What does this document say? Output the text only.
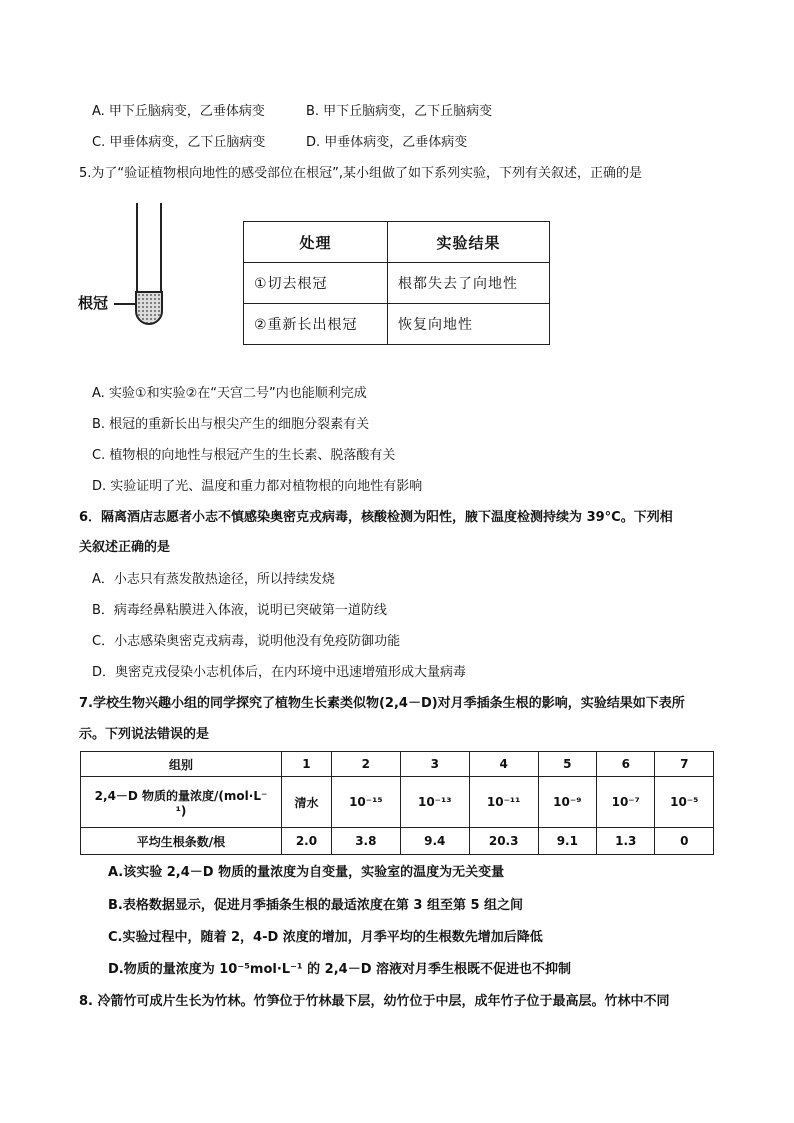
A. 甲下丘脑病变，乙垂体病变	B. 甲下丘脑病变，乙下丘脑病变
C. 甲垂体病变，乙下丘脑病变	D. 甲垂体病变，乙垂体病变
5.为了“验证植物根向地性的感受部位在根冠”,某小组做了如下系列实验，下列有关叙述，正确的是
根冠
处理	实验结果
①切去根冠	根都失去了向地性
②重新长出根冠	恢复向地性
A. 实验①和实验②在“天宫二号”内也能顺利完成
B. 根冠的重新长出与根尖产生的细胞分裂素有关
C. 植物根的向地性与根冠产生的生长素、脱落酸有关
D. 实验证明了光、温度和重力都对植物根的向地性有影响
6．隔离酒店志愿者小志不慎感染奥密克戎病毒，核酸检测为阳性，腋下温度检测持续为 39°C。下列相
关叙述正确的是
A．小志只有蒸发散热途径，所以持续发烧
B．病毒经鼻粘膜进入体液，说明已突破第一道防线
C．小志感染奥密克戎病毒，说明他没有免疫防御功能
D．奥密克戎侵染小志机体后，在内环境中迅速增殖形成大量病毒
7.学校生物兴趣小组的同学探究了植物生长素类似物(2,4－D)对月季插条生根的影响，实验结果如下表所
示。下列说法错误的是
组别	1	2	3	4	5	6	7

2,4－D 物质的量浓度/(mol·L⁻
¹)	清水	10⁻¹⁵	10⁻¹³	10⁻¹¹	10⁻⁹	10⁻⁷	10⁻⁵
平均生根条数/根	2.0	3.8	9.4	20.3	9.1	1.3	0
A.该实验 2,4－D 物质的量浓度为自变量，实验室的温度为无关变量
B.表格数据显示，促进月季插条生根的最适浓度在第 3 组至第 5 组之间
C.实验过程中，随着 2，4-D 浓度的增加，月季平均的生根数先增加后降低
D.物质的量浓度为 10⁻⁵mol·L⁻¹ 的 2,4－D 溶液对月季生根既不促进也不抑制
8. 冷箭竹可成片生长为竹林。竹笋位于竹林最下层，幼竹位于中层，成年竹子位于最高层。竹林中不同
